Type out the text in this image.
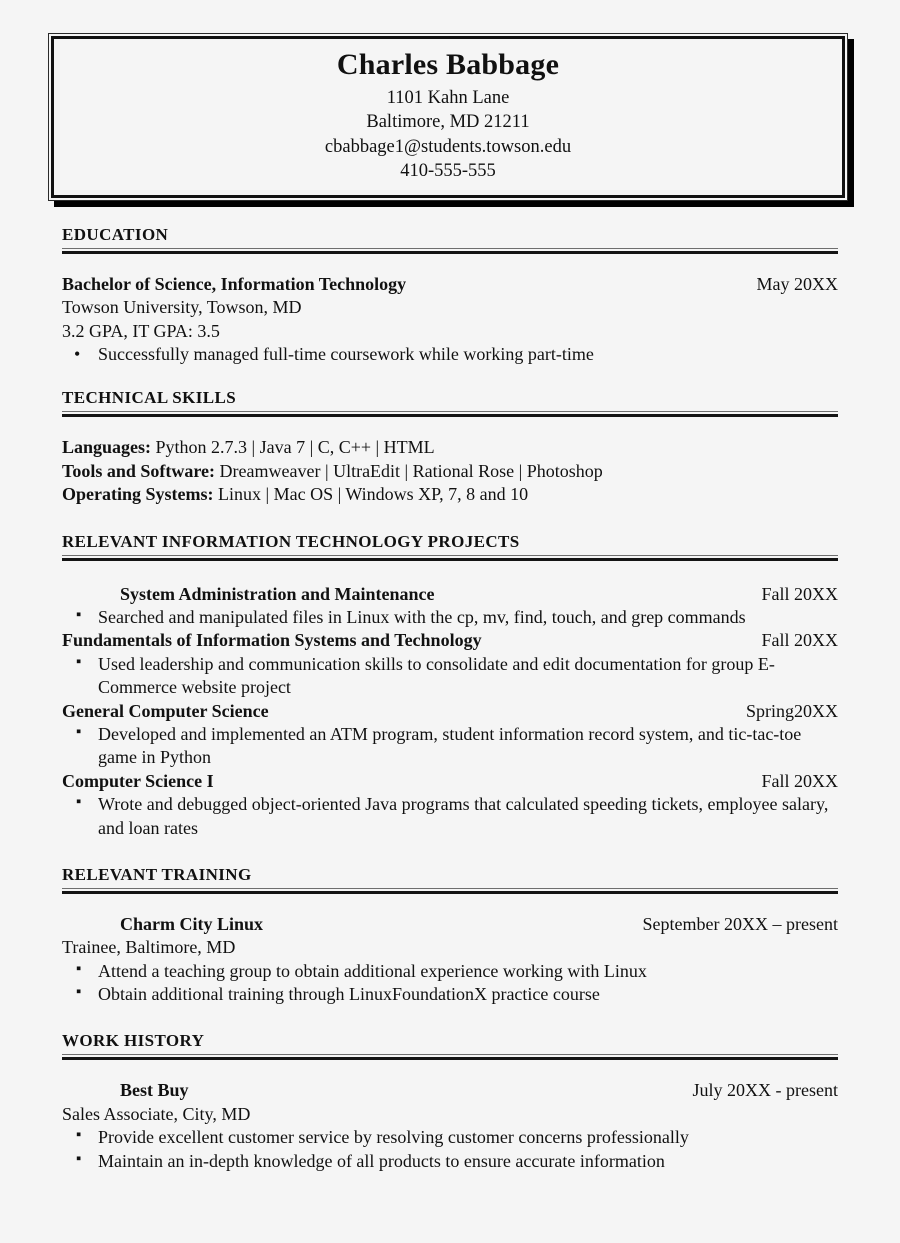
Charles Babbage
1101 Kahn Lane
Baltimore, MD 21211
cbabbage1@students.towson.edu
410-555-555
EDUCATION
Bachelor of Science, Information Technology	May 20XX
Towson University, Towson, MD
3.2 GPA, IT GPA: 3.5
• Successfully managed full-time coursework while working part-time
TECHNICAL SKILLS
Languages: Python 2.7.3 | Java 7 | C, C++ | HTML
Tools and Software: Dreamweaver | UltraEdit | Rational Rose | Photoshop
Operating Systems: Linux | Mac OS | Windows XP, 7, 8 and 10
RELEVANT INFORMATION TECHNOLOGY PROJECTS
System Administration and Maintenance	Fall 20XX
▪ Searched and manipulated files in Linux with the cp, mv, find, touch, and grep commands
Fundamentals of Information Systems and Technology	Fall 20XX
▪ Used leadership and communication skills to consolidate and edit documentation for group E-Commerce website project
General Computer Science	Spring20XX
▪ Developed and implemented an ATM program, student information record system, and tic-tac-toe game in Python
Computer Science I	Fall 20XX
▪ Wrote and debugged object-oriented Java programs that calculated speeding tickets, employee salary, and loan rates
RELEVANT TRAINING
Charm City Linux	September 20XX – present
Trainee, Baltimore, MD
▪ Attend a teaching group to obtain additional experience working with Linux
▪ Obtain additional training through LinuxFoundationX practice course
WORK HISTORY
Best Buy	July 20XX - present
Sales Associate, City, MD
▪ Provide excellent customer service by resolving customer concerns professionally
▪ Maintain an in-depth knowledge of all products to ensure accurate information
